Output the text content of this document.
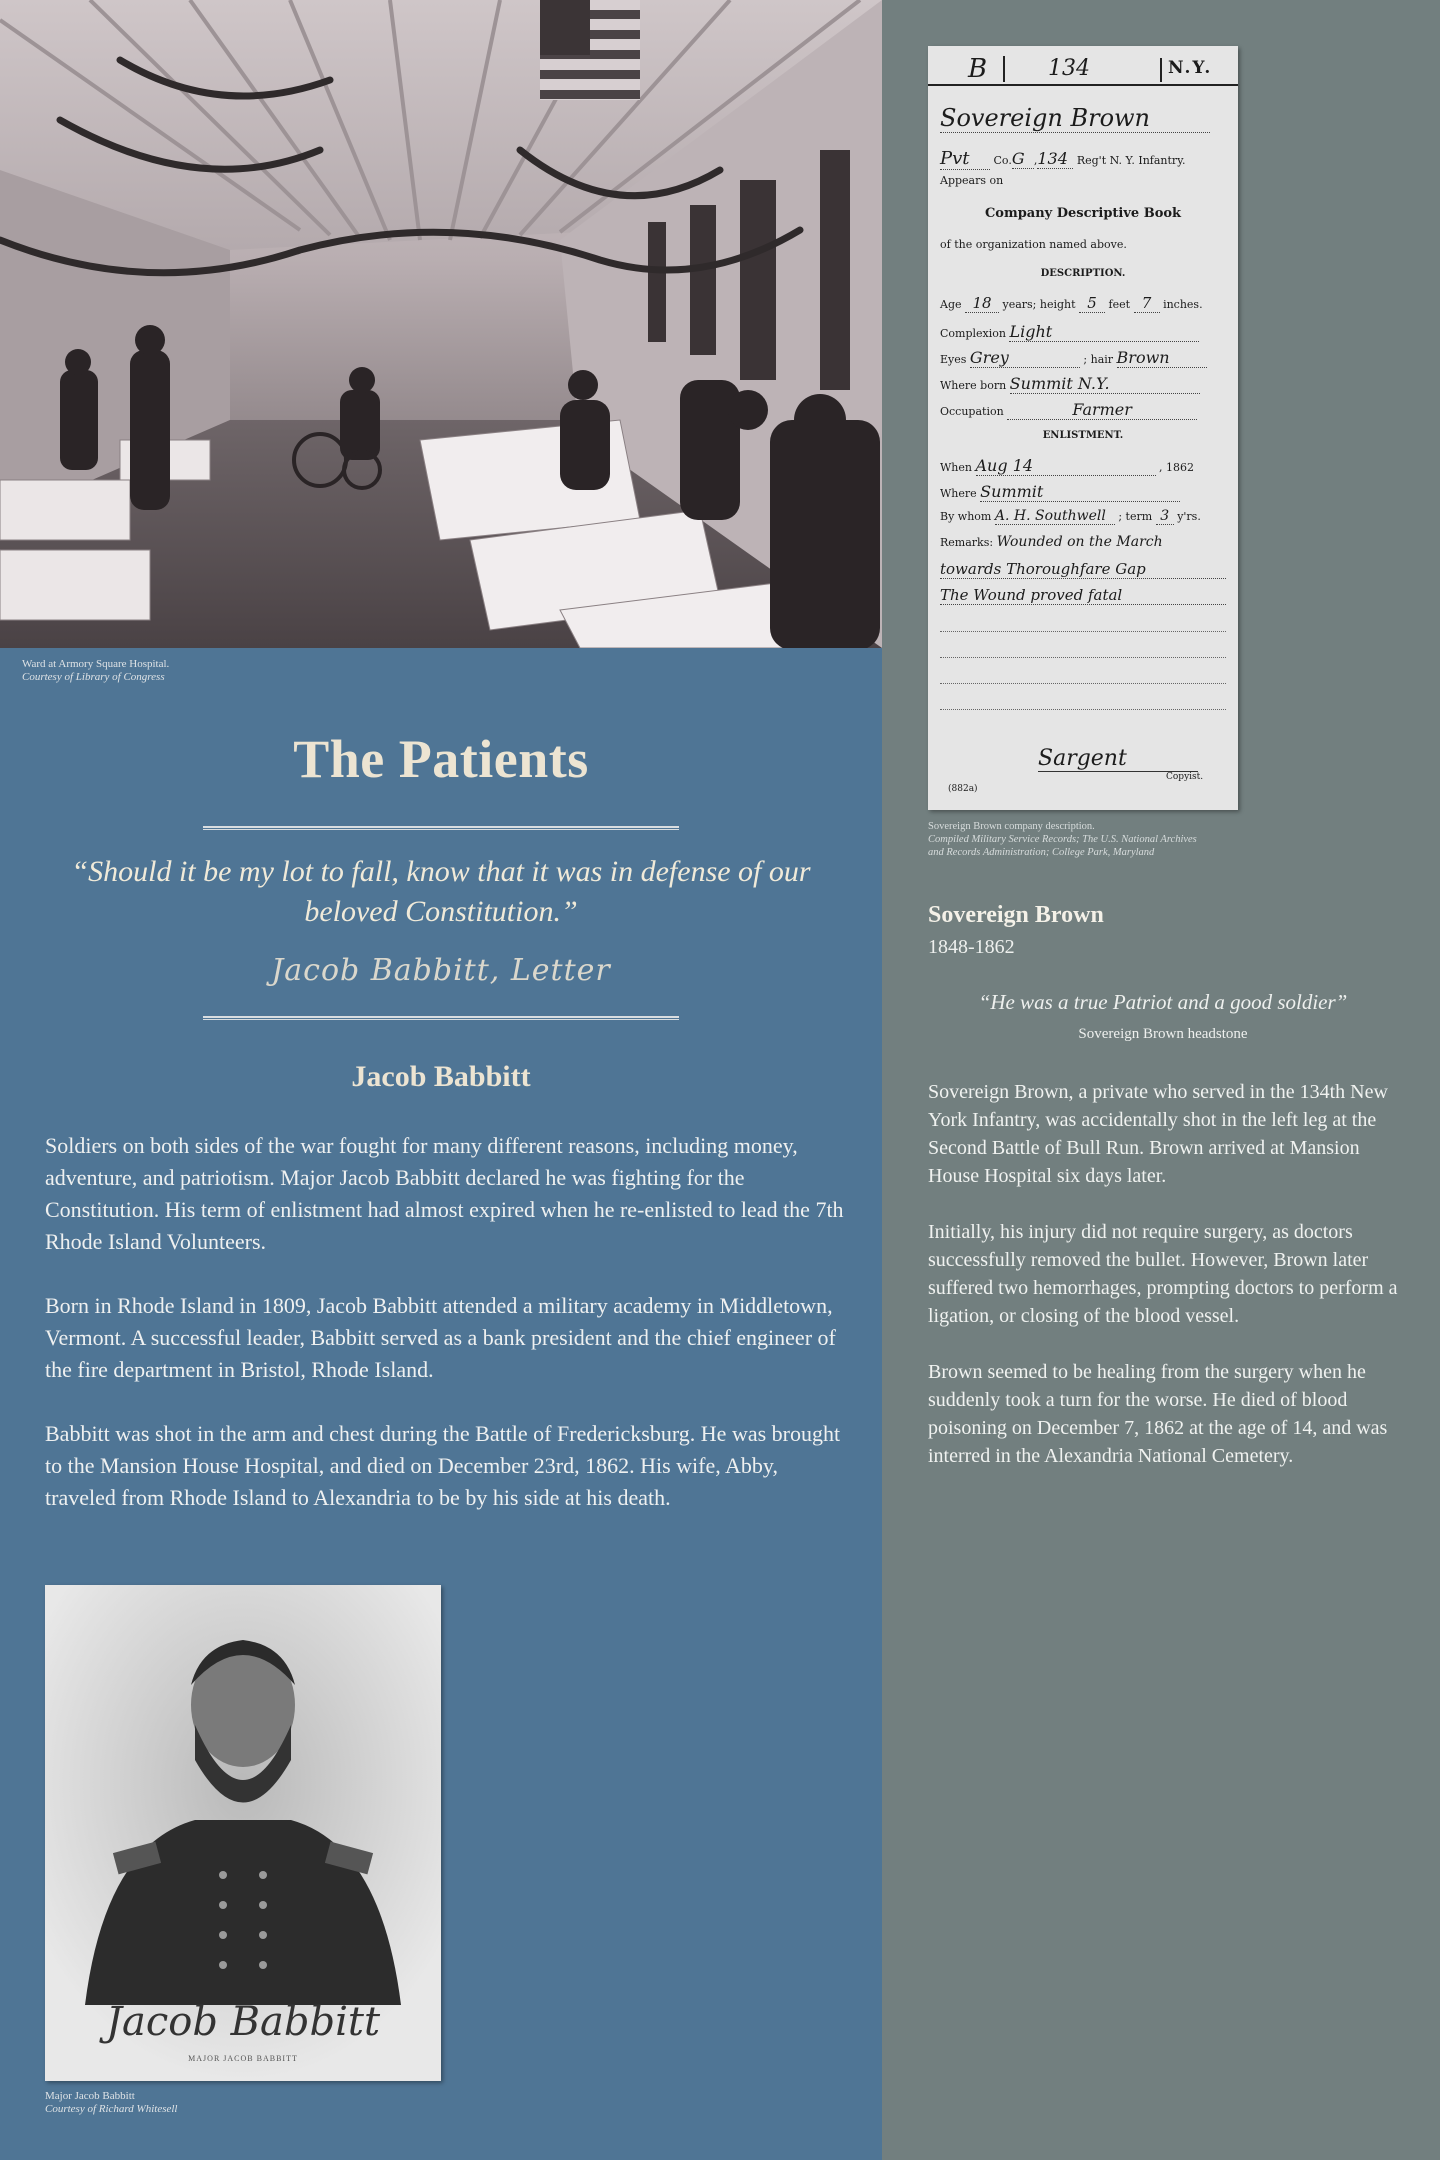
Ward at Armory Square Hospital.
Courtesy of Library of Congress
The Patients
“Should it be my lot to fall, know that it was in defense of our beloved Constitution.”
Jacob Babbitt, Letter
Jacob Babbitt

Soldiers on both sides of the war fought for many different reasons, including money, adventure, and patriotism. Major Jacob Babbitt declared he was fighting for the Constitution. His term of enlistment had almost expired when he re-enlisted to lead the 7th Rhode Island Volunteers.

Born in Rhode Island in 1809, Jacob Babbitt attended a military academy in Middletown, Vermont. A successful leader, Babbitt served as a bank president and the chief engineer of the fire department in Bristol, Rhode Island.

Babbitt was shot in the arm and chest during the Battle of Fredericksburg. He was brought to the Mansion House Hospital, and died on December 23rd, 1862. His wife, Abby, traveled from Rhode Island to Alexandria to be by his side at his death.

Jacob Babbitt
MAJOR JACOB BABBITT
Major Jacob Babbitt
Courtesy of Richard Whitesell
B	134	N.Y.
Sovereign Brown
Pvt Co.G ,134 Reg't N. Y. Infantry.
Appears on
Company Descriptive Book
of the organization named above.
DESCRIPTION.
Age 18 years; height 5 feet 7 inches.
Complexion Light
Eyes Grey	; hair Brown
Where born Summit N.Y.
Occupation	Farmer
ENLISTMENT.
When Aug 14	, 1862
Where Summit
By whom A. H. Southwell ; term 3 y'rs.
Remarks: Wounded on the March
towards Thoroughfare Gap
The Wound proved fatal
Sargent
(882a)
Copyist.
Sovereign Brown company description.
Compiled Military Service Records; The U.S. National Archives
and Records Administration; College Park, Maryland
Sovereign Brown
1848-1862
“He was a true Patriot and a good soldier”
Sovereign Brown headstone

Sovereign Brown, a private who served in the 134th New York Infantry, was accidentally shot in the left leg at the Second Battle of Bull Run. Brown arrived at Mansion House Hospital six days later.

Initially, his injury did not require surgery, as doctors successfully removed the bullet. However, Brown later suffered two hemorrhages, prompting doctors to perform a ligation, or closing of the blood vessel.

Brown seemed to be healing from the surgery when he suddenly took a turn for the worse. He died of blood poisoning on December 7, 1862 at the age of 14, and was interred in the Alexandria National Cemetery.
